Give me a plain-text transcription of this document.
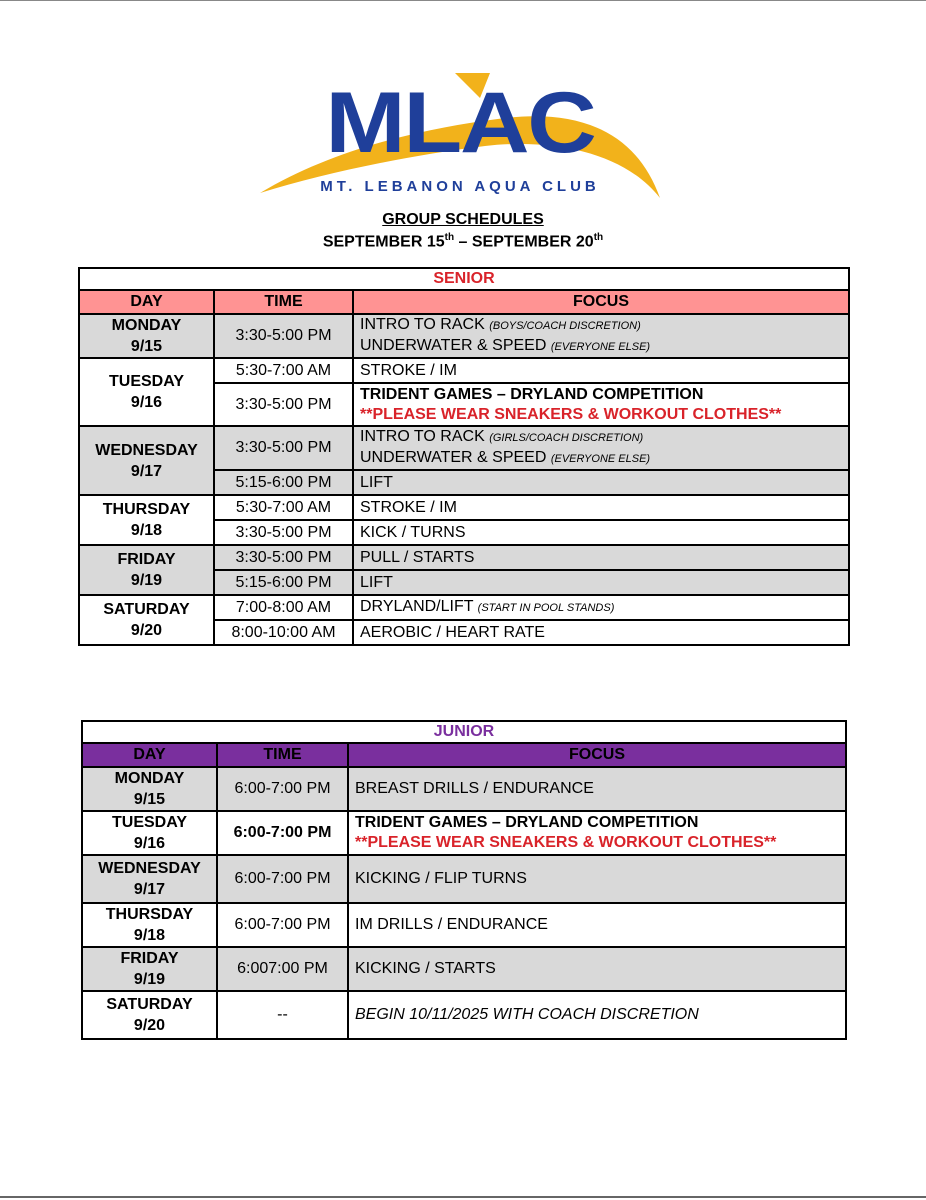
MLAC
MT. LEBANON AQUA CLUB
GROUP SCHEDULES
SEPTEMBER 15th – SEPTEMBER 20th
SENIOR		
DAY	TIME	FOCUS
MONDAY
9/15	3:30-5:00 PM	INTRO TO RACK (BOYS/COACH DISCRETION)
UNDERWATER & SPEED (EVERYONE ELSE)
TUESDAY
9/16	5:30-7:00 AM	STROKE / IM
	3:30-5:00 PM	TRIDENT GAMES – DRYLAND COMPETITION
**PLEASE WEAR SNEAKERS & WORKOUT CLOTHES**
WEDNESDAY
9/17	3:30-5:00 PM	INTRO TO RACK (GIRLS/COACH DISCRETION)
UNDERWATER & SPEED (EVERYONE ELSE)
	5:15-6:00 PM	LIFT
THURSDAY
9/18	5:30-7:00 AM	STROKE / IM
	3:30-5:00 PM	KICK / TURNS
FRIDAY
9/19	3:30-5:00 PM	PULL / STARTS
	5:15-6:00 PM	LIFT
SATURDAY
9/20	7:00-8:00 AM	DRYLAND/LIFT (START IN POOL STANDS)
	8:00-10:00 AM	AEROBIC / HEART RATE
JUNIOR		
DAY	TIME	FOCUS
MONDAY
9/15	6:00-7:00 PM	BREAST DRILLS / ENDURANCE
TUESDAY
9/16	6:00-7:00 PM	TRIDENT GAMES – DRYLAND COMPETITION
**PLEASE WEAR SNEAKERS & WORKOUT CLOTHES**
WEDNESDAY
9/17	6:00-7:00 PM	KICKING / FLIP TURNS
THURSDAY
9/18	6:00-7:00 PM	IM DRILLS / ENDURANCE
FRIDAY
9/19	6:007:00 PM	KICKING / STARTS
SATURDAY
9/20	--	BEGIN 10/11/2025 WITH COACH DISCRETION
